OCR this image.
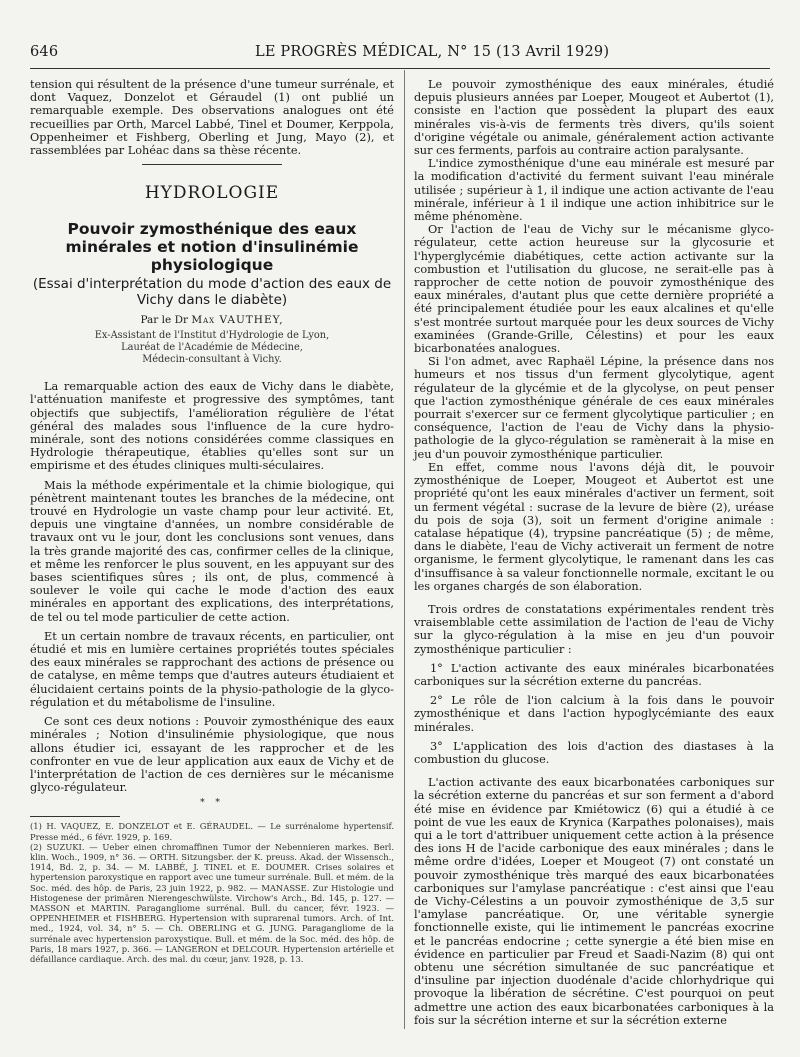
646	LE PROGRÈS MÉDICAL, N° 15 (13 Avril 1929)

tension qui résultent de la présence d'une tumeur surrénale, et dont Vaquez, Donzelot et Géraudel (1) ont publié un remarquable exemple. Des observations analogues ont été recueillies par Orth, Marcel Labbé, Tinel et Doumer, Kerppola, Oppenheimer et Fishberg, Oberling et Jung, Mayo (2), et rassemblées par Lohéac dans sa thèse récente.

HYDROLOGIE
Pouvoir zymosthénique des eaux minérales et notion d'insulinémie physiologique
(Essai d'interprétation du mode d'action des eaux de Vichy dans le diabète)
Par le Dr Max VAUTHEY,
Ex-Assistant de l'Institut d'Hydrologie de Lyon,
Lauréat de l'Académie de Médecine,
Médecin-consultant à Vichy.

La remarquable action des eaux de Vichy dans le diabète, l'atténuation manifeste et progressive des symptômes, tant objectifs que subjectifs, l'amélioration régulière de l'état général des malades sous l'influence de la cure hydro-minérale, sont des notions considérées comme classiques en Hydrologie thérapeutique, établies qu'elles sont sur un empirisme et des études cliniques multi-séculaires.

Mais la méthode expérimentale et la chimie biologique, qui pénètrent maintenant toutes les branches de la médecine, ont trouvé en Hydrologie un vaste champ pour leur activité. Et, depuis une vingtaine d'années, un nombre considérable de travaux ont vu le jour, dont les conclusions sont venues, dans la très grande majorité des cas, confirmer celles de la clinique, et même les renforcer le plus souvent, en les appuyant sur des bases scientifiques sûres ; ils ont, de plus, commencé à soulever le voile qui cache le mode d'action des eaux minérales en apportant des explications, des interprétations, de tel ou tel mode particulier de cette action.

Et un certain nombre de travaux récents, en particulier, ont étudié et mis en lumière certaines propriétés toutes spéciales des eaux minérales se rapprochant des actions de présence ou de catalyse, en même temps que d'autres auteurs étudiaient et élucidaient certains points de la physio-pathologie de la glyco-régulation et du métabolisme de l'insuline.

Ce sont ces deux notions : Pouvoir zymosthénique des eaux minérales ; Notion d'insulinémie physiologique, que nous allons étudier ici, essayant de les rapprocher et de les confronter en vue de leur application aux eaux de Vichy et de l'interprétation de l'action de ces dernières sur le mécanisme glyco-régulateur.

* *
(1) H. VAQUEZ, E. DONZELOT et E. GÉRAUDEL. — Le surrénalome hypertensif. Presse méd., 6 févr. 1929, p. 169.
(2) SUZUKI. — Ueber einen chromaffinen Tumor der Nebennieren markes. Berl. klin. Woch., 1909, n° 36. — ORTH. Sitzungsber. der K. preuss. Akad. der Wissensch., 1914, Bd. 2, p. 34. — M. LABBÉ, J. TINEL et E. DOUMER. Crises solaires et hypertension paroxystique en rapport avec une tumeur surrénale. Bull. et mém. de la Soc. méd. des hôp. de Paris, 23 juin 1922, p. 982. — MANASSE. Zur Histologie und Histogenese der primären Nierengeschwülste. Virchow's Arch., Bd. 145, p. 127. — MASSON et MARTIN. Paragangliome surrénal. Bull. du cancer, févr. 1923. — OPPENHEIMER et FISHBERG. Hypertension with suprarenal tumors. Arch. of Int. med., 1924, vol. 34, n° 5. — Ch. OBERLING et G. JUNG. Paragangliome de la surrénale avec hypertension paroxystique. Bull. et mém. de la Soc. méd. des hôp. de Paris, 18 mars 1927, p. 366. — LANGERON et DELCOUR. Hypertension artérielle et défaillance cardiaque. Arch. des mal. du cœur, janv. 1928, p. 13.

Le pouvoir zymosthénique des eaux minérales, étudié depuis plusieurs années par Loeper, Mougeot et Aubertot (1), consiste en l'action que possèdent la plupart des eaux minérales vis-à-vis de ferments très divers, qu'ils soient d'origine végétale ou animale, généralement action activante sur ces ferments, parfois au contraire action paralysante.

L'indice zymosthénique d'une eau minérale est mesuré par la modification d'activité du ferment suivant l'eau minérale utilisée ; supérieur à 1, il indique une action activante de l'eau minérale, inférieur à 1 il indique une action inhibitrice sur le même phénomène.

Or l'action de l'eau de Vichy sur le mécanisme glyco-régulateur, cette action heureuse sur la glycosurie et l'hyperglycémie diabétiques, cette action activante sur la combustion et l'utilisation du glucose, ne serait-elle pas à rapprocher de cette notion de pouvoir zymosthénique des eaux minérales, d'autant plus que cette dernière propriété a été principalement étudiée pour les eaux alcalines et qu'elle s'est montrée surtout marquée pour les deux sources de Vichy examinées (Grande-Grille, Célestins) et pour les eaux bicarbonatées analogues.

Si l'on admet, avec Raphaël Lépine, la présence dans nos humeurs et nos tissus d'un ferment glycolytique, agent régulateur de la glycémie et de la glycolyse, on peut penser que l'action zymosthénique générale de ces eaux minérales pourrait s'exercer sur ce ferment glycolytique particulier ; en conséquence, l'action de l'eau de Vichy dans la physio-pathologie de la glyco-régulation se ramènerait à la mise en jeu d'un pouvoir zymosthénique particulier.

En effet, comme nous l'avons déjà dit, le pouvoir zymosthénique de Loeper, Mougeot et Aubertot est une propriété qu'ont les eaux minérales d'activer un ferment, soit un ferment végétal : sucrase de la levure de bière (2), uréase du pois de soja (3), soit un ferment d'origine animale : catalase hépatique (4), trypsine pancréatique (5) ; de même, dans le diabète, l'eau de Vichy activerait un ferment de notre organisme, le ferment glycolytique, le ramenant dans les cas d'insuffisance à sa valeur fonctionnelle normale, excitant le ou les organes chargés de son élaboration.

Trois ordres de constatations expérimentales rendent très vraisemblable cette assimilation de l'action de l'eau de Vichy sur la glyco-régulation à la mise en jeu d'un pouvoir zymosthénique particulier :

1° L'action activante des eaux minérales bicarbonatées carboniques sur la sécrétion externe du pancréas.

2° Le rôle de l'ion calcium à la fois dans le pouvoir zymosthénique et dans l'action hypoglycémiante des eaux minérales.

3° L'application des lois d'action des diastases à la combustion du glucose.

L'action activante des eaux bicarbonatées carboniques sur la sécrétion externe du pancréas et sur son ferment a d'abord été mise en évidence par Kmiétowicz (6) qui a étudié à ce point de vue les eaux de Krynica (Karpathes polonaises), mais qui a le tort d'attribuer uniquement cette action à la présence des ions H de l'acide carbonique des eaux minérales ; dans le même ordre d'idées, Loeper et Mougeot (7) ont constaté un pouvoir zymosthénique très marqué des eaux bicarbonatées carboniques sur l'amylase pancréatique : c'est ainsi que l'eau de Vichy-Célestins a un pouvoir zymosthénique de 3,5 sur l'amylase pancréatique. Or, une véritable synergie fonctionnelle existe, qui lie intimement le pancréas exocrine et le pancréas endocrine ; cette synergie a été bien mise en évidence en particulier par Freud et Saadi-Nazim (8) qui ont obtenu une sécrétion simultanée de suc pancréatique et d'insuline par injection duodénale d'acide chlorhydrique qui provoque la libération de sécrétine. C'est pourquoi on peut admettre une action des eaux bicarbonatées carboniques à la fois sur la sécrétion interne et sur la sécrétion externe
